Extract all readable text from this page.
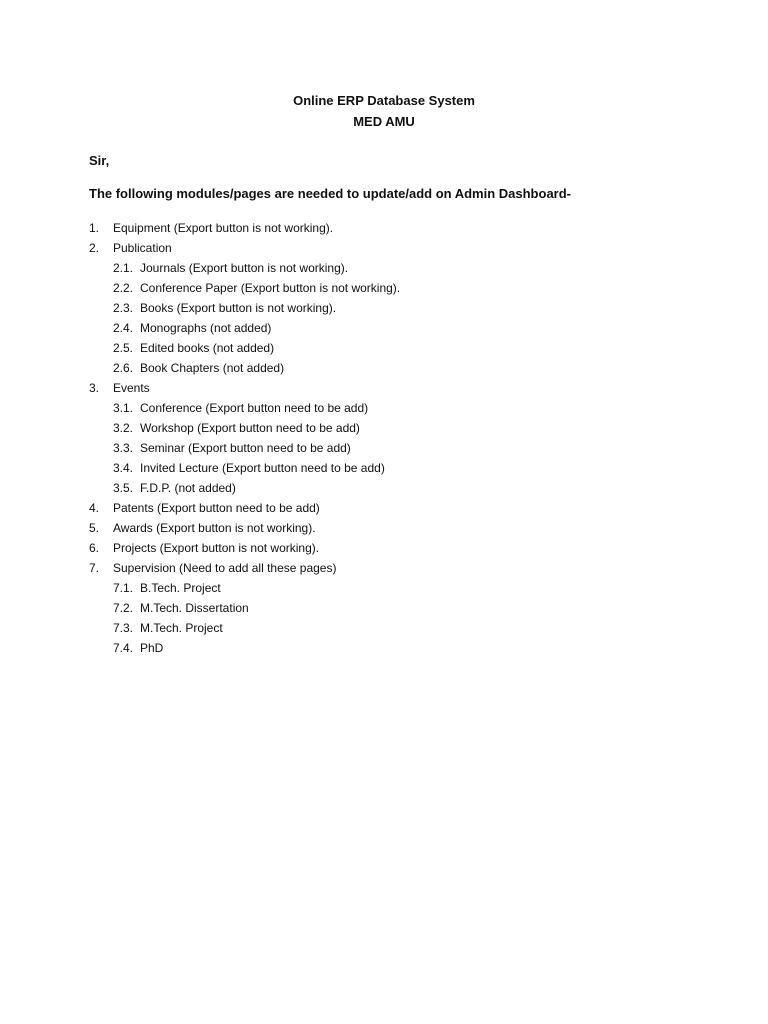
Online ERP Database System
MED AMU
Sir,
The following modules/pages are needed to update/add on Admin Dashboard-
1.	Equipment (Export button is not working).
2.	Publication
2.1. Journals (Export button is not working).
2.2. Conference Paper (Export button is not working).
2.3. Books (Export button is not working).
2.4. Monographs (not added)
2.5. Edited books (not added)
2.6. Book Chapters (not added)
3.	Events
3.1. Conference (Export button need to be add)
3.2. Workshop (Export button need to be add)
3.3. Seminar (Export button need to be add)
3.4. Invited Lecture (Export button need to be add)
3.5. F.D.P. (not added)
4.	Patents (Export button need to be add)
5.	Awards (Export button is not working).
6.	Projects (Export button is not working).
7.	Supervision (Need to add all these pages)
7.1. B.Tech. Project
7.2. M.Tech. Dissertation
7.3. M.Tech. Project
7.4. PhD
